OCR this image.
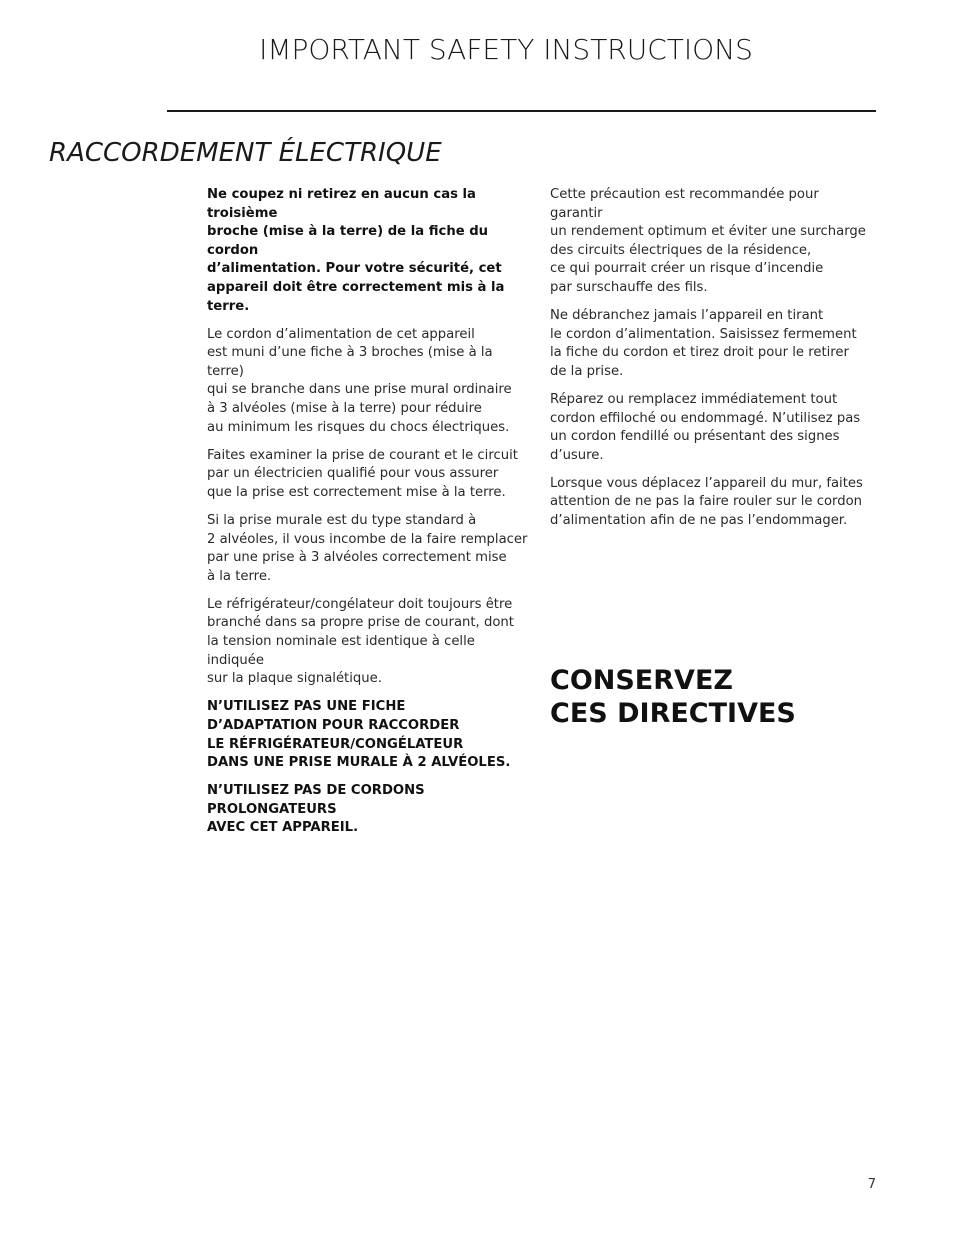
IMPORTANT SAFETY INSTRUCTIONS
RACCORDEMENT ÉLECTRIQUE

Ne coupez ni retirez en aucun cas la troisième
broche (mise à la terre) de la fiche du cordon
d’alimentation. Pour votre sécurité, cet
appareil doit être correctement mis à la terre.

Le cordon d’alimentation de cet appareil
est muni d’une fiche à 3 broches (mise à la terre)
qui se branche dans une prise mural ordinaire
à 3 alvéoles (mise à la terre) pour réduire
au minimum les risques du chocs électriques.

Faites examiner la prise de courant et le circuit
par un électricien qualifié pour vous assurer
que la prise est correctement mise à la terre.

Si la prise murale est du type standard à
2 alvéoles, il vous incombe de la faire remplacer
par une prise à 3 alvéoles correctement mise
à la terre.

Le réfrigérateur/congélateur doit toujours être
branché dans sa propre prise de courant, dont
la tension nominale est identique à celle indiquée
sur la plaque signalétique.

N’UTILISEZ PAS UNE FICHE
D’ADAPTATION POUR RACCORDER
LE RÉFRIGÉRATEUR/CONGÉLATEUR
DANS UNE PRISE MURALE À 2 ALVÉOLES.

N’UTILISEZ PAS DE CORDONS PROLONGATEURS
AVEC CET APPAREIL.

Cette précaution est recommandée pour garantir
un rendement optimum et éviter une surcharge
des circuits électriques de la résidence,
ce qui pourrait créer un risque d’incendie
par surschauffe des fils.

Ne débranchez jamais l’appareil en tirant
le cordon d’alimentation. Saisissez fermement
la fiche du cordon et tirez droit pour le retirer
de la prise.

Réparez ou remplacez immédiatement tout
cordon effiloché ou endommagé. N’utilisez pas
un cordon fendillé ou présentant des signes
d’usure.

Lorsque vous déplacez l’appareil du mur, faites
attention de ne pas la faire rouler sur le cordon
d’alimentation afin de ne pas l’endommager.

CONSERVEZ
CES DIRECTIVES
7
